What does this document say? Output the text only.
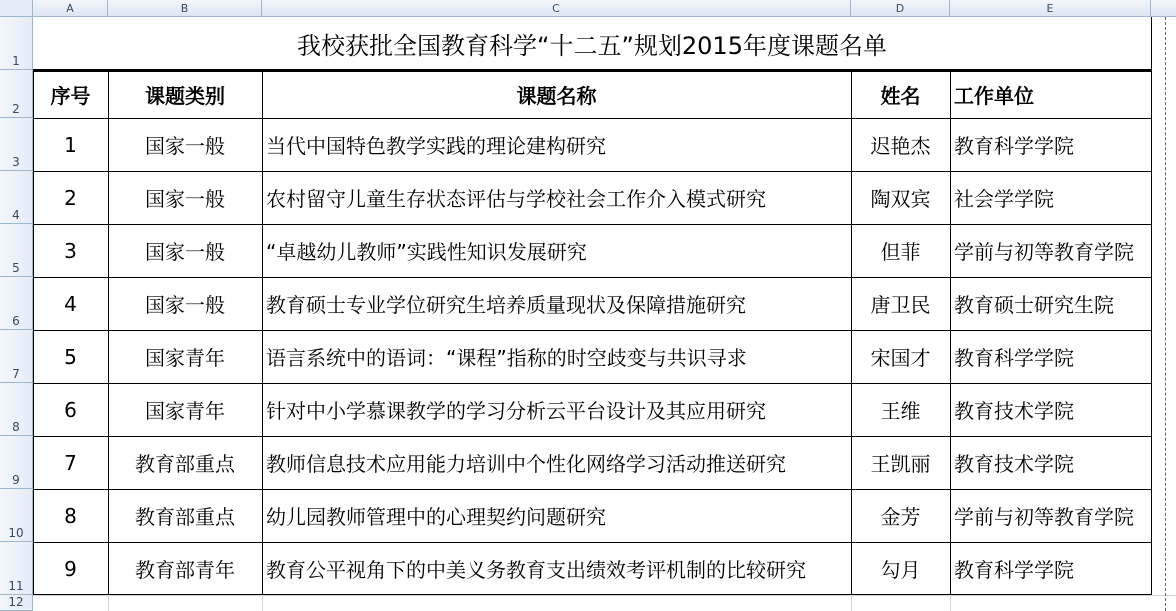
A	B	C	D	E
1
2
3
4
5
6
7
8
9
10
11
12
我校获批全国教育科学“十二五”规划2015年度课题名单
序号	课题类别	课题名称	姓名	工作单位
1	国家一般	当代中国特色教学实践的理论建构研究	迟艳杰	教育科学学院
2	国家一般	农村留守儿童生存状态评估与学校社会工作介入模式研究	陶双宾	社会学学院
3	国家一般	“卓越幼儿教师”实践性知识发展研究	但菲	学前与初等教育学院
4	国家一般	教育硕士专业学位研究生培养质量现状及保障措施研究	唐卫民	教育硕士研究生院
5	国家青年	语言系统中的语词：“课程”指称的时空歧变与共识寻求	宋国才	教育科学学院
6	国家青年	针对中小学慕课教学的学习分析云平台设计及其应用研究	王维	教育技术学院
7	教育部重点	教师信息技术应用能力培训中个性化网络学习活动推送研究	王凯丽	教育技术学院
8	教育部重点	幼儿园教师管理中的心理契约问题研究	金芳	学前与初等教育学院
9	教育部青年	教育公平视角下的中美义务教育支出绩效考评机制的比较研究	勾月	教育科学学院
